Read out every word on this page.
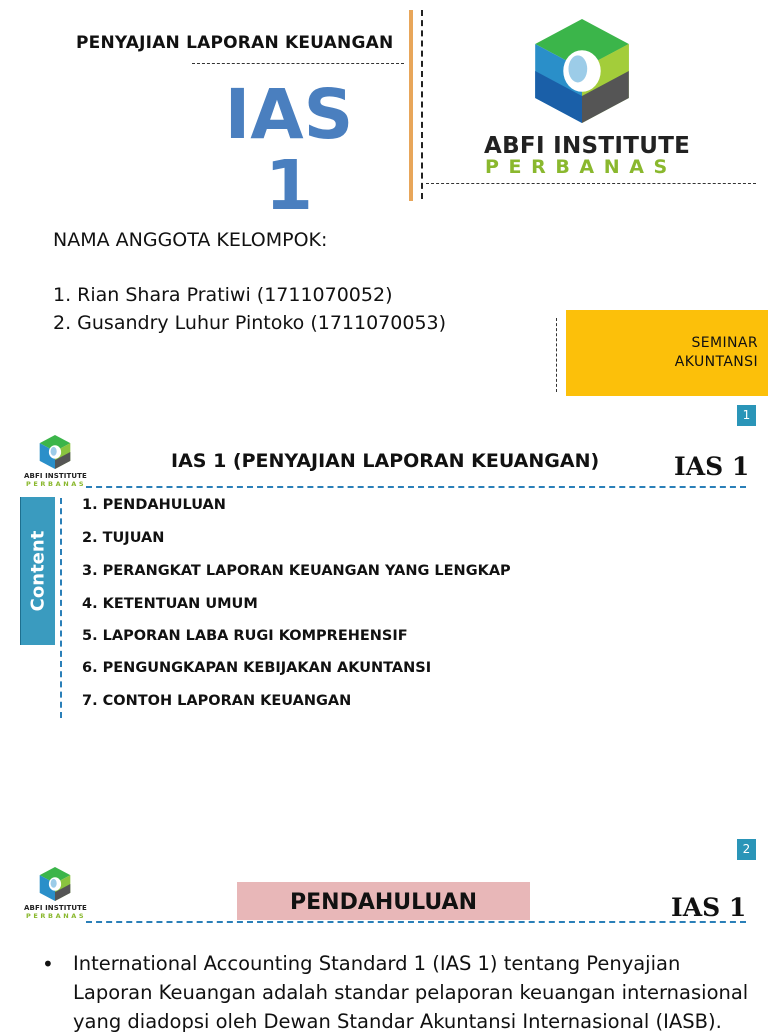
PENYAJIAN LAPORAN KEUANGAN
IAS
1	ABFI INSTITUTE
PERBANAS
NAMA ANGGOTA KELOMPOK:
1. Rian Shara Pratiwi (1711070052)
2. Gusandry Luhur Pintoko (1711070053)
SEMINAR
AKUNTANSI
1
ABFI INSTITUTE
PERBANAS
IAS 1 (PENYAJIAN LAPORAN KEUANGAN)	IAS 1
Content
1. PENDAHULUAN
2. TUJUAN
3. PERANGKAT LAPORAN KEUANGAN YANG LENGKAP
4. KETENTUAN UMUM
5. LAPORAN LABA RUGI KOMPREHENSIF
6. PENGUNGKAPAN KEBIJAKAN AKUNTANSI
7. CONTOH LAPORAN KEUANGAN
2
ABFI INSTITUTE
PERBANAS
PENDAHULUAN	IAS 1
• International Accounting Standard 1 (IAS 1) tentang Penyajian Laporan Keuangan adalah standar pelaporan keuangan internasional yang diadopsi oleh Dewan Standar Akuntansi Internasional (IASB).
